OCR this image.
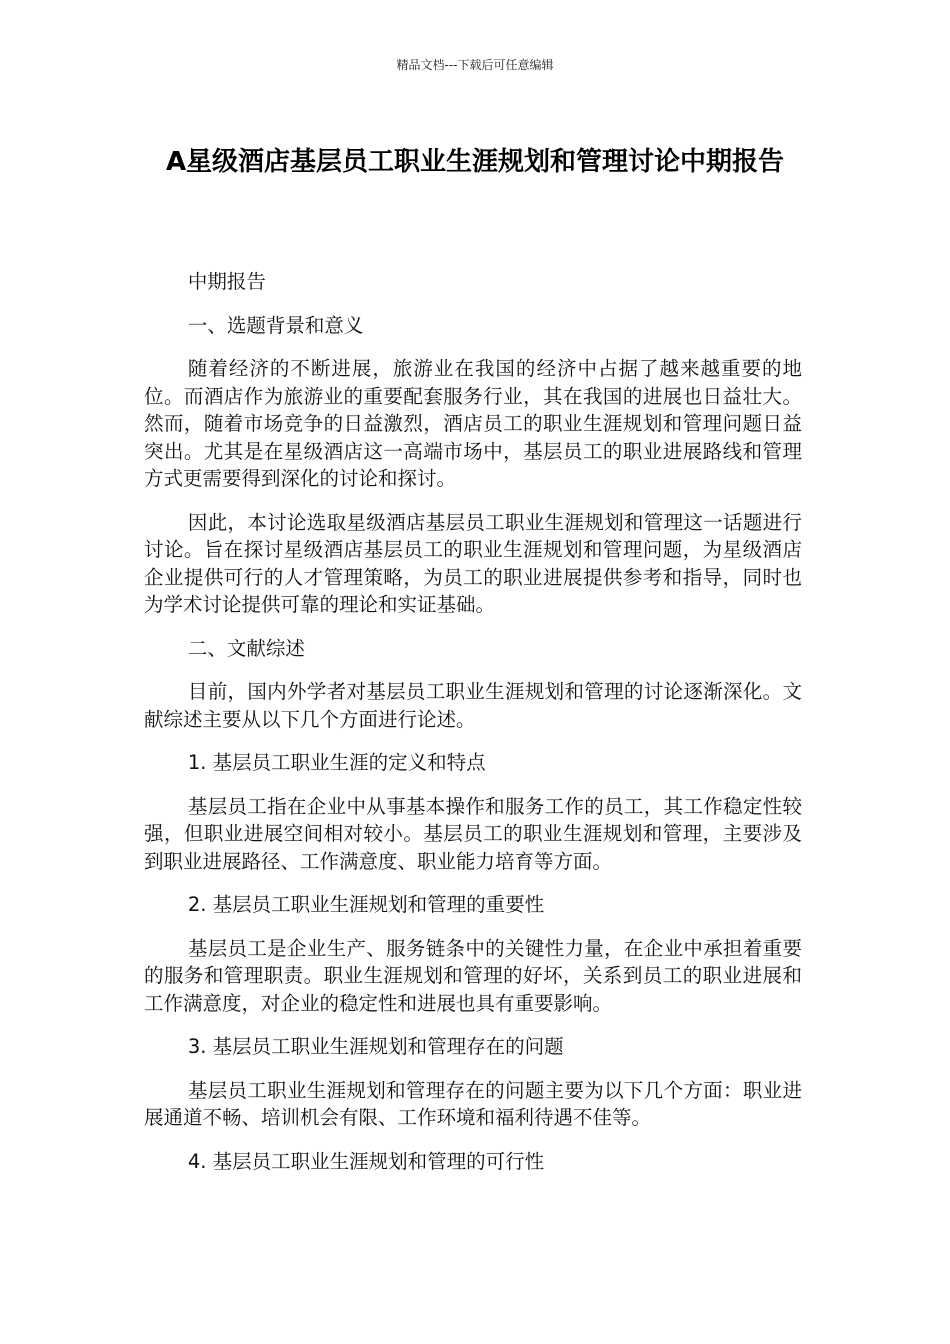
精品文档---下载后可任意编辑
A星级酒店基层员工职业生涯规划和管理讨论中期报告

中期报告

一、选题背景和意义

随着经济的不断进展，旅游业在我国的经济中占据了越来越重要的地位。而酒店作为旅游业的重要配套服务行业，其在我国的进展也日益壮大。然而，随着市场竞争的日益激烈，酒店员工的职业生涯规划和管理问题日益突出。尤其是在星级酒店这一高端市场中，基层员工的职业进展路线和管理方式更需要得到深化的讨论和探讨。

因此，本讨论选取星级酒店基层员工职业生涯规划和管理这一话题进行讨论。旨在探讨星级酒店基层员工的职业生涯规划和管理问题，为星级酒店企业提供可行的人才管理策略，为员工的职业进展提供参考和指导，同时也为学术讨论提供可靠的理论和实证基础。

二、文献综述

目前，国内外学者对基层员工职业生涯规划和管理的讨论逐渐深化。文献综述主要从以下几个方面进行论述。

1. 基层员工职业生涯的定义和特点

基层员工指在企业中从事基本操作和服务工作的员工，其工作稳定性较强，但职业进展空间相对较小。基层员工的职业生涯规划和管理，主要涉及到职业进展路径、工作满意度、职业能力培育等方面。

2. 基层员工职业生涯规划和管理的重要性

基层员工是企业生产、服务链条中的关键性力量，在企业中承担着重要的服务和管理职责。职业生涯规划和管理的好坏，关系到员工的职业进展和工作满意度，对企业的稳定性和进展也具有重要影响。

3. 基层员工职业生涯规划和管理存在的问题

基层员工职业生涯规划和管理存在的问题主要为以下几个方面：职业进展通道不畅、培训机会有限、工作环境和福利待遇不佳等。

4. 基层员工职业生涯规划和管理的可行性
